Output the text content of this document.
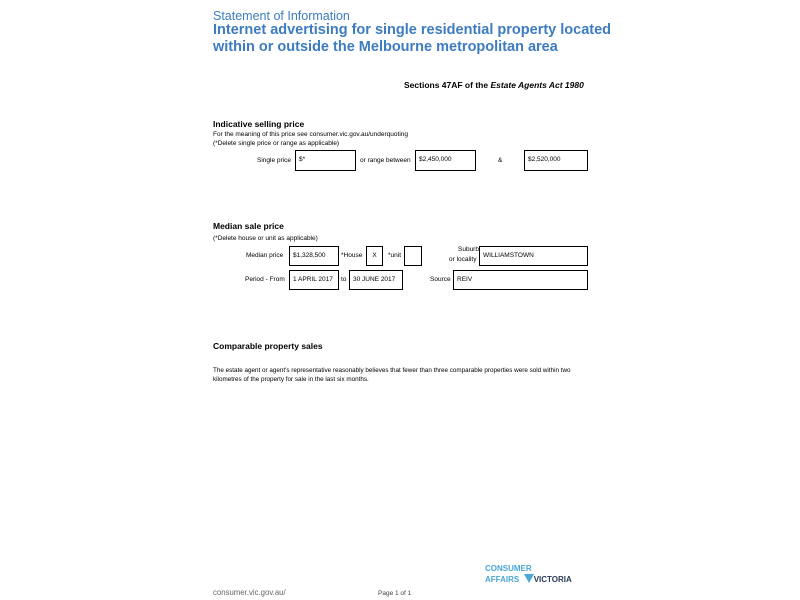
Statement of Information
Internet advertising for single residential property located within or outside the Melbourne metropolitan area
Sections 47AF of the Estate Agents Act 1980
Indicative selling price
For the meaning of this price see consumer.vic.gov.au/underquoting
(*Delete single price or range as applicable)
Single price	$*	or range between	$2,450,000	&	$2,520,000
Median sale price
(*Delete house or unit as applicable)
Median price	$1,328,500	*House	X	*unit
Suburb
or locality
WILLIAMSTOWN
Period - From	1 APRIL 2017	to	30 JUNE 2017	Source REIV
Comparable property sales
The estate agent or agent's representative reasonably believes that fewer than three comparable properties were sold within two kilometres of the property for sale in the last six months.
CONSUMER
AFFAIRS VICTORIA
consumer.vic.gov.au/	Page 1 of 1
